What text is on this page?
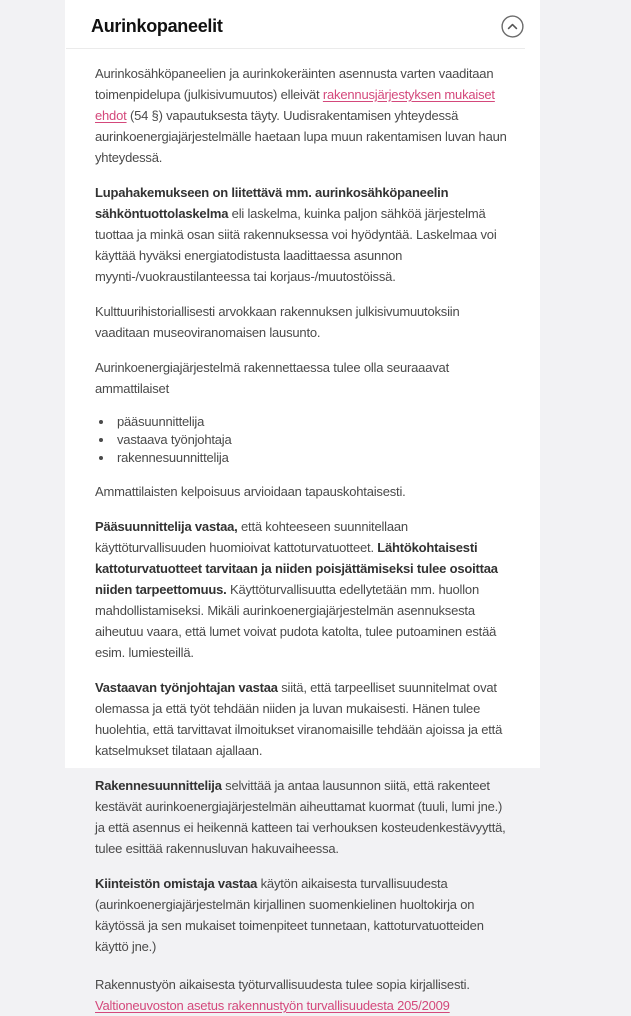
Aurinkopaneelit

Aurinkosähköpaneelien ja aurinkokeräinten asennusta varten vaaditaan toimenpidelupa (julkisivumuutos) elleivät rakennusjärjestyksen mukaiset ehdot (54 §) vapautuksesta täyty. Uudisrakentamisen yhteydessä aurinkoenergiajärjestelmälle haetaan lupa muun rakentamisen luvan haun yhteydessä.

Lupahakemukseen on liitettävä mm. aurinkosähköpaneelin sähköntuottolaskelma eli laskelma, kuinka paljon sähköä järjestelmä tuottaa ja minkä osan siitä rakennuksessa voi hyödyntää. Laskelmaa voi käyttää hyväksi energiatodistusta laadittaessa asunnon myynti-/vuokraustilanteessa tai korjaus-/muutostöissä.

Kulttuurihistoriallisesti arvokkaan rakennuksen julkisivumuutoksiin vaaditaan museoviranomaisen lausunto.

Aurinkoenergiajärjestelmä rakennettaessa tulee olla seuraaavat ammattilaiset

• pääsuunnittelija
• vastaava työnjohtaja
• rakennesuunnittelija

Ammattilaisten kelpoisuus arvioidaan tapauskohtaisesti.

Pääsuunnittelija vastaa, että kohteeseen suunnitellaan käyttöturvallisuuden huomioivat kattoturvatuotteet. Lähtökohtaisesti kattoturvatuotteet tarvitaan ja niiden poisjättämiseksi tulee osoittaa niiden tarpeettomuus. Käyttöturvallisuutta edellytetään mm. huollon mahdollistamiseksi. Mikäli aurinkoenergiajärjestelmän asennuksesta aiheutuu vaara, että lumet voivat pudota katolta, tulee putoaminen estää esim. lumiesteillä.

Vastaavan työnjohtajan vastaa siitä, että tarpeelliset suunnitelmat ovat olemassa ja että työt tehdään niiden ja luvan mukaisesti. Hänen tulee huolehtia, että tarvittavat ilmoitukset viranomaisille tehdään ajoissa ja että katselmukset tilataan ajallaan.

Rakennesuunnittelija selvittää ja antaa lausunnon siitä, että rakenteet kestävät aurinkoenergiajärjestelmän aiheuttamat kuormat (tuuli, lumi jne.) ja että asennus ei heikennä katteen tai verhouksen kosteudenkestävyyttä, tulee esittää rakennusluvan hakuvaiheessa.

Kiinteistön omistaja vastaa käytön aikaisesta turvallisuudesta (aurinkoenergiajärjestelmän kirjallinen suomenkielinen huoltokirja on käytössä ja sen mukaiset toimenpiteet tunnetaan, kattoturvatuotteiden käyttö jne.)

Rakennustyön aikaisesta työturvallisuudesta tulee sopia kirjallisesti. Valtioneuvoston asetus rakennustyön turvallisuudesta 205/2009
